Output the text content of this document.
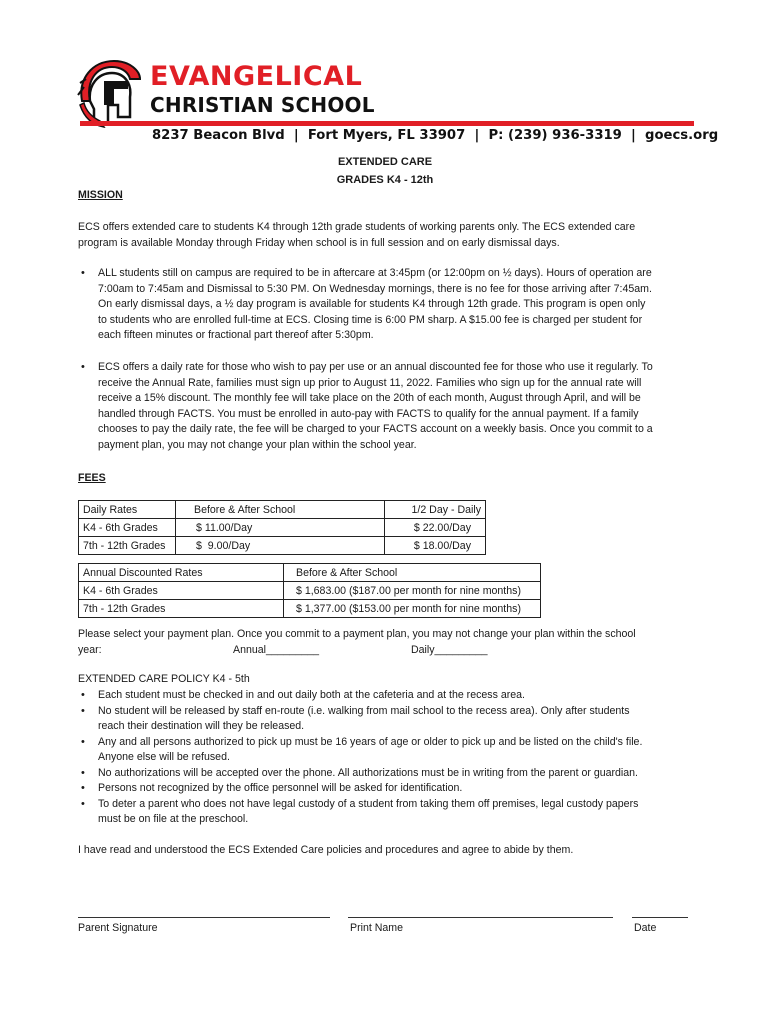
EVANGELICAL
CHRISTIAN SCHOOL
8237 Beacon Blvd  |  Fort Myers, FL 33907  |  P: (239) 936-3319  |  goecs.org
EXTENDED CARE
GRADES K4 - 12th
MISSION
ECS offers extended care to students K4 through 12th grade students of working parents only. The ECS extended care
program is available Monday through Friday when school is in full session and on early dismissal days.
• ALL students still on campus are required to be in aftercare at 3:45pm (or 12:00pm on ½ days). Hours of operation are
7:00am to 7:45am and Dismissal to 5:30 PM. On Wednesday mornings, there is no fee for those arriving after 7:45am.
On early dismissal days, a ½ day program is available for students K4 through 12th grade. This program is open only
to students who are enrolled full-time at ECS. Closing time is 6:00 PM sharp. A $15.00 fee is charged per student for
each fifteen minutes or fractional part thereof after 5:30pm.
• ECS offers a daily rate for those who wish to pay per use or an annual discounted fee for those who use it regularly. To
receive the Annual Rate, families must sign up prior to August 11, 2022. Families who sign up for the annual rate will
receive a 15% discount. The monthly fee will take place on the 20th of each month, August through April, and will be
handled through FACTS. You must be enrolled in auto-pay with FACTS to qualify for the annual payment. If a family
chooses to pay the daily rate, the fee will be charged to your FACTS account on a weekly basis. Once you commit to a
payment plan, you may not change your plan within the school year.
FEES
Daily Rates	Before & After School	1/2 Day - Daily
K4 - 6th Grades	$ 11.00/Day	$ 22.00/Day
7th - 12th Grades	$  9.00/Day	$ 18.00/Day
Annual Discounted Rates	Before & After School
K4 - 6th Grades	$ 1,683.00 ($187.00 per month for nine months)
7th - 12th Grades	$ 1,377.00 ($153.00 per month for nine months)
Please select your payment plan. Once you commit to a payment plan, you may not change your plan within the school
year:	Annual_________	Daily_________
EXTENDED CARE POLICY K4 - 5th
• Each student must be checked in and out daily both at the cafeteria and at the recess area.
• No student will be released by staff en-route (i.e. walking from mail school to the recess area). Only after students
reach their destination will they be released.
• Any and all persons authorized to pick up must be 16 years of age or older to pick up and be listed on the child's file.
Anyone else will be refused.
• No authorizations will be accepted over the phone. All authorizations must be in writing from the parent or guardian.
• Persons not recognized by the office personnel will be asked for identification.
• To deter a parent who does not have legal custody of a student from taking them off premises, legal custody papers
must be on file at the preschool.
I have read and understood the ECS Extended Care policies and procedures and agree to abide by them.
Parent Signature	Print Name	Date
